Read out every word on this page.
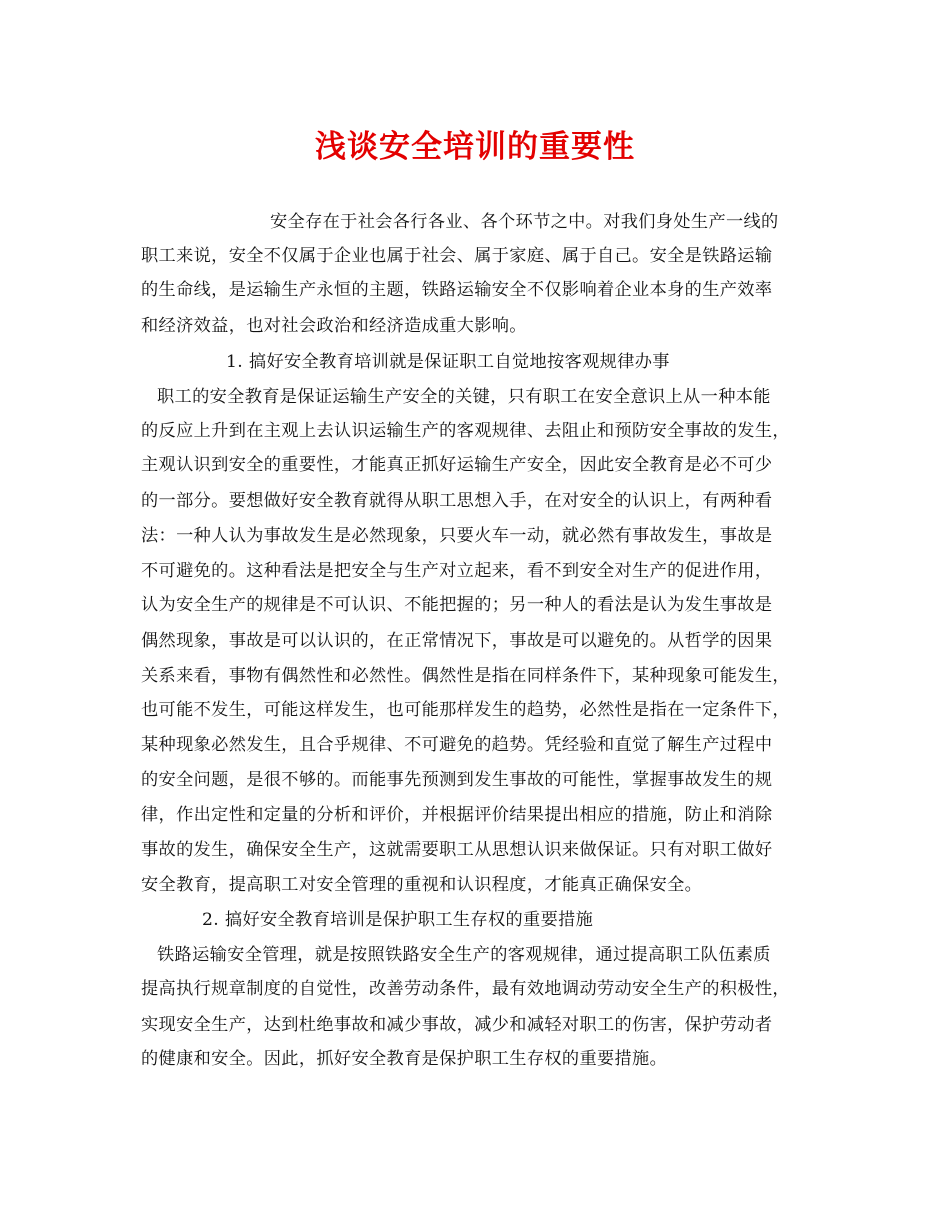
浅谈安全培训的重要性
安全存在于社会各行各业、各个环节之中。对我们身处生产一线的
职工来说，安全不仅属于企业也属于社会、属于家庭、属于自己。安全是铁路运输
的生命线，是运输生产永恒的主题，铁路运输安全不仅影响着企业本身的生产效率
和经济效益，也对社会政治和经济造成重大影响。
1. 搞好安全教育培训就是保证职工自觉地按客观规律办事
职工的安全教育是保证运输生产安全的关键，只有职工在安全意识上从一种本能
的反应上升到在主观上去认识运输生产的客观规律、去阻止和预防安全事故的发生，
主观认识到安全的重要性，才能真正抓好运输生产安全，因此安全教育是必不可少
的一部分。要想做好安全教育就得从职工思想入手，在对安全的认识上，有两种看
法：一种人认为事故发生是必然现象，只要火车一动，就必然有事故发生，事故是
不可避免的。这种看法是把安全与生产对立起来，看不到安全对生产的促进作用，
认为安全生产的规律是不可认识、不能把握的；另一种人的看法是认为发生事故是
偶然现象，事故是可以认识的，在正常情况下，事故是可以避免的。从哲学的因果
关系来看，事物有偶然性和必然性。偶然性是指在同样条件下，某种现象可能发生，
也可能不发生，可能这样发生，也可能那样发生的趋势，必然性是指在一定条件下，
某种现象必然发生，且合乎规律、不可避免的趋势。凭经验和直觉了解生产过程中
的安全问题，是很不够的。而能事先预测到发生事故的可能性，掌握事故发生的规
律，作出定性和定量的分析和评价，并根据评价结果提出相应的措施，防止和消除
事故的发生，确保安全生产，这就需要职工从思想认识来做保证。只有对职工做好
安全教育，提高职工对安全管理的重视和认识程度，才能真正确保安全。
2. 搞好安全教育培训是保护职工生存权的重要措施
铁路运输安全管理，就是按照铁路安全生产的客观规律，通过提高职工队伍素质
提高执行规章制度的自觉性，改善劳动条件，最有效地调动劳动安全生产的积极性，
实现安全生产，达到杜绝事故和减少事故，减少和减轻对职工的伤害，保护劳动者
的健康和安全。因此，抓好安全教育是保护职工生存权的重要措施。
